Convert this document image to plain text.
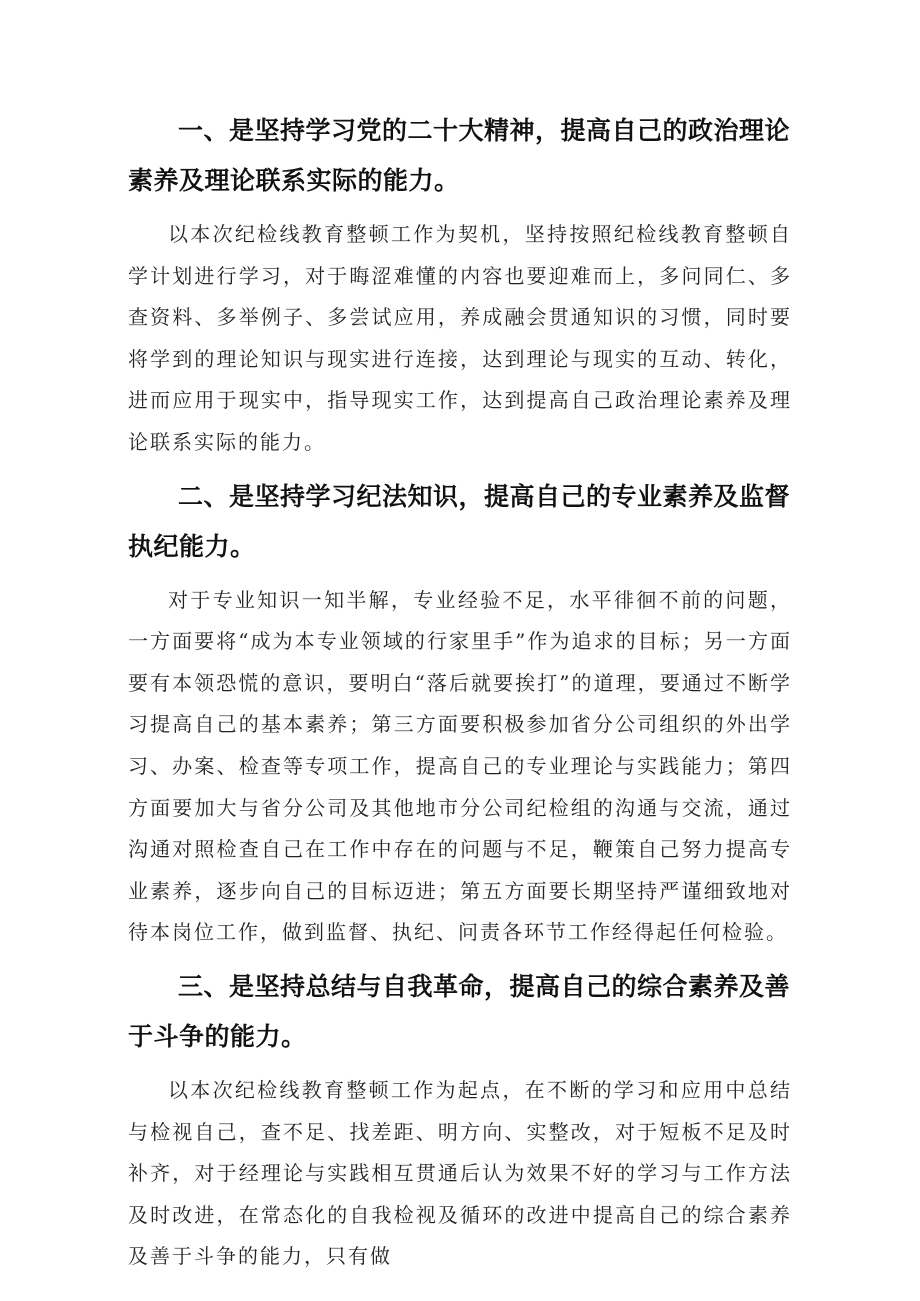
一、是坚持学习党的二十大精神，提高自己的政治理论素养及理论联系实际的能力。

以本次纪检线教育整顿工作为契机，坚持按照纪检线教育整顿自学计划进行学习，对于晦涩难懂的内容也要迎难而上，多问同仁、多查资料、多举例子、多尝试应用，养成融会贯通知识的习惯，同时要将学到的理论知识与现实进行连接，达到理论与现实的互动、转化，进而应用于现实中，指导现实工作，达到提高自己政治理论素养及理论联系实际的能力。

二、是坚持学习纪法知识，提高自己的专业素养及监督执纪能力。

对于专业知识一知半解，专业经验不足，水平徘徊不前的问题，一方面要将“成为本专业领域的行家里手”作为追求的目标；另一方面要有本领恐慌的意识，要明白“落后就要挨打”的道理，要通过不断学习提高自己的基本素养；第三方面要积极参加省分公司组织的外出学习、办案、检查等专项工作，提高自己的专业理论与实践能力；第四方面要加大与省分公司及其他地市分公司纪检组的沟通与交流，通过沟通对照检查自己在工作中存在的问题与不足，鞭策自己努力提高专业素养，逐步向自己的目标迈进；第五方面要长期坚持严谨细致地对待本岗位工作，做到监督、执纪、问责各环节工作经得起任何检验。

三、是坚持总结与自我革命，提高自己的综合素养及善于斗争的能力。

以本次纪检线教育整顿工作为起点，在不断的学习和应用中总结与检视自己，查不足、找差距、明方向、实整改，对于短板不足及时补齐，对于经理论与实践相互贯通后认为效果不好的学习与工作方法及时改进，在常态化的自我检视及循环的改进中提高自己的综合素养及善于斗争的能力，只有做
